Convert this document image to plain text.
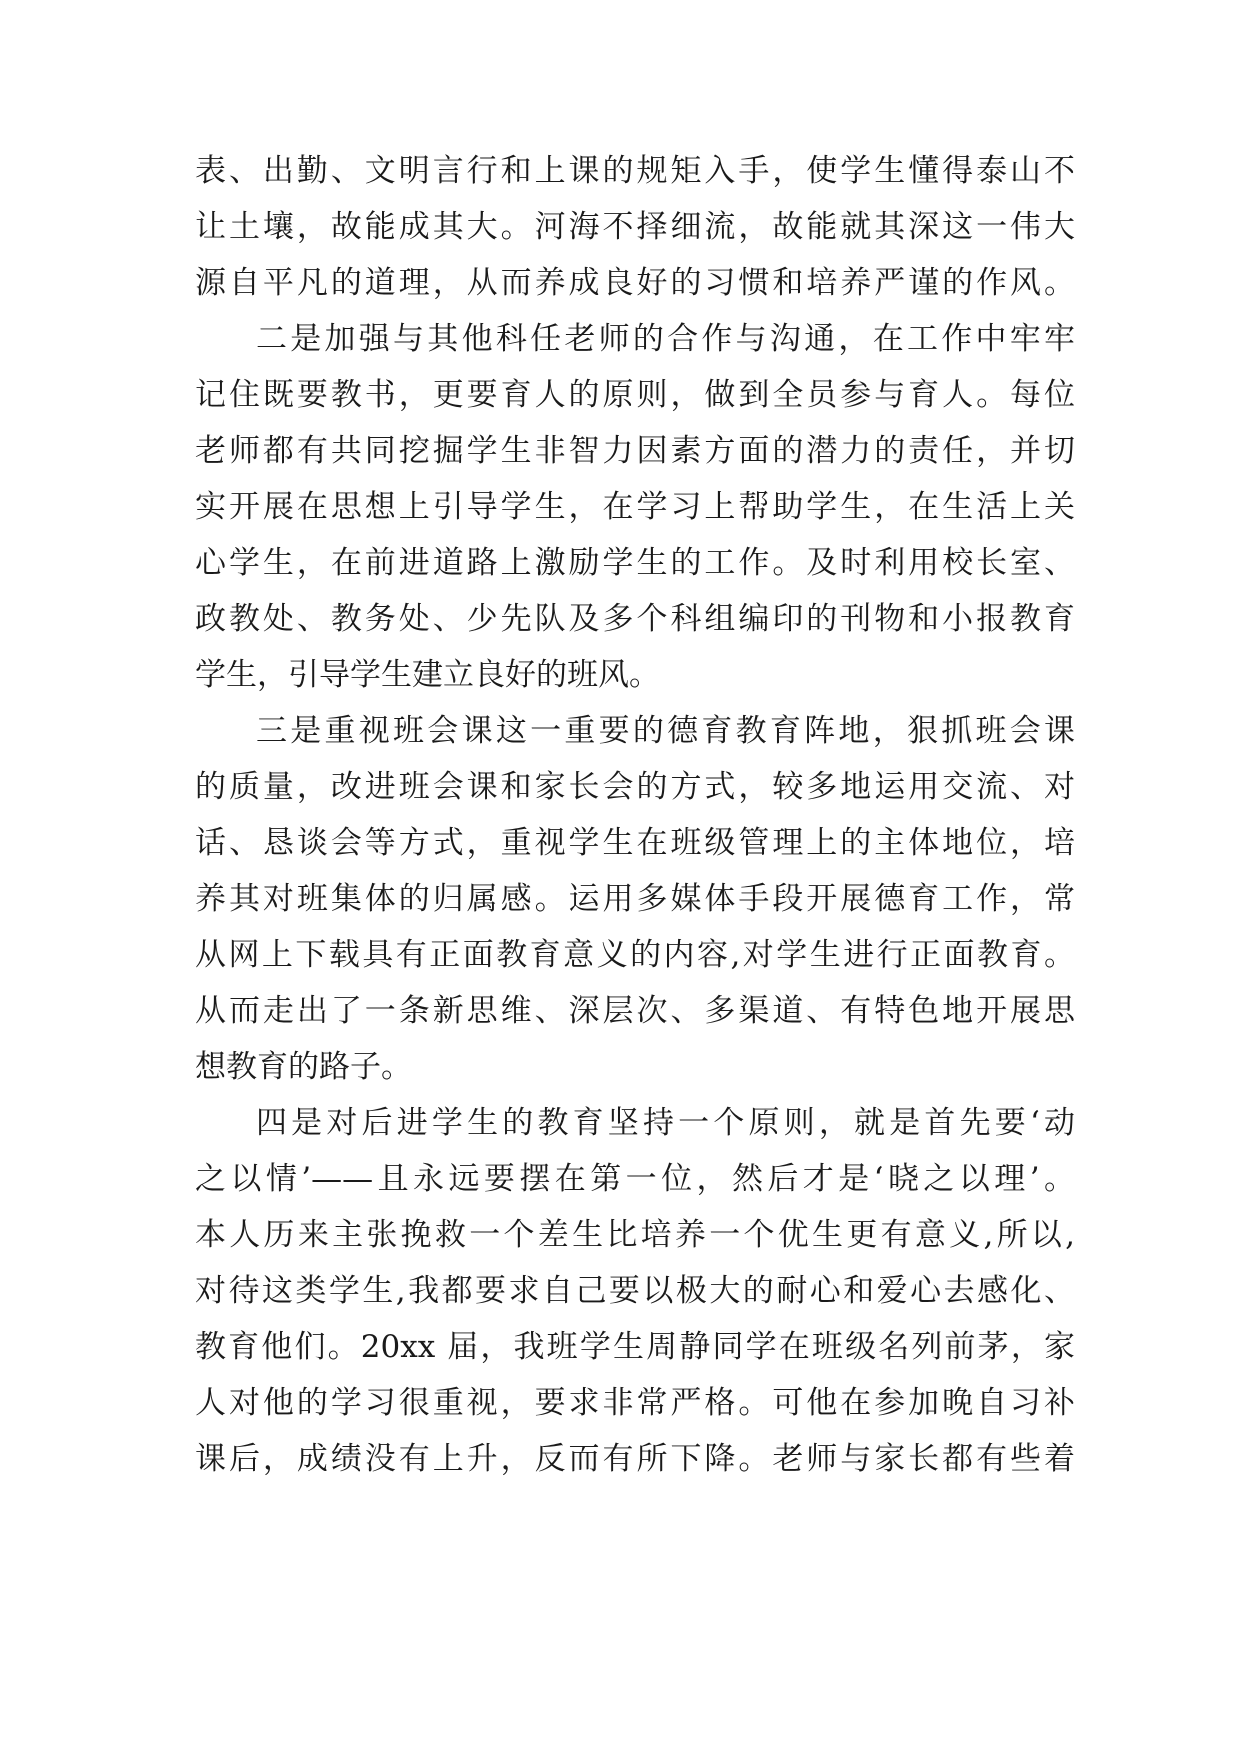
表、出勤、文明言行和上课的规矩入手，使学生懂得泰山不
让土壤，故能成其大。河海不择细流，故能就其深这一伟大
源自平凡的道理，从而养成良好的习惯和培养严谨的作风。
二是加强与其他科任老师的合作与沟通，在工作中牢牢
记住既要教书，更要育人的原则，做到全员参与育人。每位
老师都有共同挖掘学生非智力因素方面的潜力的责任，并切
实开展在思想上引导学生，在学习上帮助学生，在生活上关
心学生，在前进道路上激励学生的工作。及时利用校长室、
政教处、教务处、少先队及多个科组编印的刊物和小报教育
学生，引导学生建立良好的班风。
三是重视班会课这一重要的德育教育阵地，狠抓班会课
的质量，改进班会课和家长会的方式，较多地运用交流、对
话、恳谈会等方式，重视学生在班级管理上的主体地位，培
养其对班集体的归属感。运用多媒体手段开展德育工作，常
从网上下载具有正面教育意义的内容,对学生进行正面教育。
从而走出了一条新思维、深层次、多渠道、有特色地开展思
想教育的路子。
四是对后进学生的教育坚持一个原则，就是首先要‘动
之以情’——且永远要摆在第一位，然后才是‘晓之以理’。
本人历来主张挽救一个差生比培养一个优生更有意义,所以,
对待这类学生,我都要求自己要以极大的耐心和爱心去感化、
教育他们。20xx 届，我班学生周静同学在班级名列前茅，家
人对他的学习很重视，要求非常严格。可他在参加晚自习补
课后，成绩没有上升，反而有所下降。老师与家长都有些着
